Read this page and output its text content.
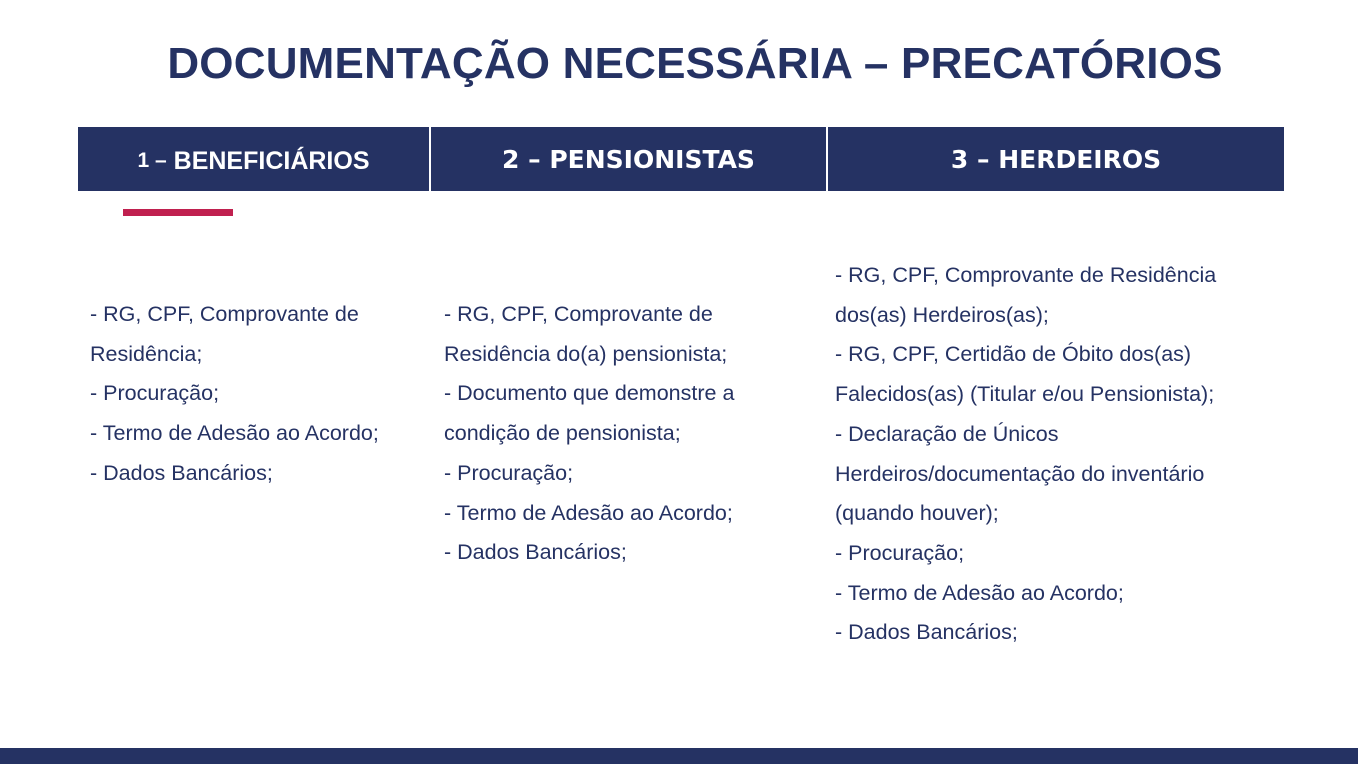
DOCUMENTAÇÃO NECESSÁRIA – PRECATÓRIOS
1 –
BENEFICIÁRIOS	2 – PENSIONISTAS	3 – HERDEIROS
- RG, CPF, Comprovante de
Residência;
- Procuração;
- Termo de Adesão ao Acordo;
- Dados Bancários;
- RG, CPF, Comprovante de
Residência do(a) pensionista;
- Documento que demonstre a
condição de pensionista;
- Procuração;
- Termo de Adesão ao Acordo;
- Dados Bancários;
- RG, CPF, Comprovante de Residência
dos(as) Herdeiros(as);
- RG, CPF, Certidão de Óbito dos(as)
Falecidos(as) (Titular e/ou Pensionista);
- Declaração de Únicos
Herdeiros/documentação do inventário
(quando houver);
- Procuração;
- Termo de Adesão ao Acordo;
- Dados Bancários;
